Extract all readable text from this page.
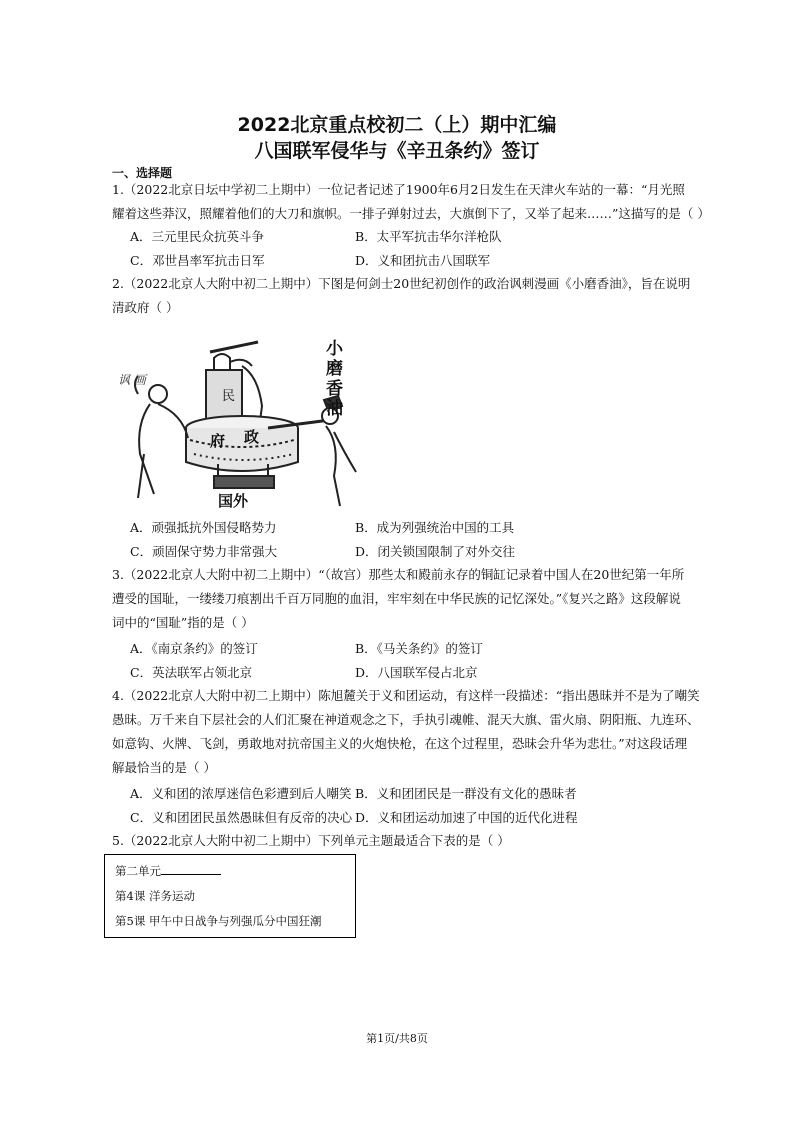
2022北京重点校初二（上）期中汇编
八国联军侵华与《辛丑条约》签订
一、选择题
1.（2022北京日坛中学初二上期中）一位记者记述了1900年6月2日发生在天津火车站的一幕：“月光照
耀着这些莽汉，照耀着他们的大刀和旗帜。一排子弹射过去，大旗倒下了，又举了起来……”这描写的是（ ）
A．三元里民众抗英斗争	B．太平军抗击华尔洋枪队
C．邓世昌率军抗击日军	D．义和团抗击八国联军
2.（2022北京人大附中初二上期中）下图是何剑士20世纪初创作的政治讽刺漫画《小磨香油》，旨在说明
清政府（ ）
民
府 政
国外
讽 画
小
磨
香
油
A．顽强抵抗外国侵略势力	B．成为列强统治中国的工具
C．顽固保守势力非常强大	D．闭关锁国限制了对外交往
3.（2022北京人大附中初二上期中）“（故宫）那些太和殿前永存的铜缸记录着中国人在20世纪第一年所
遭受的国耻，一缕缕刀痕割出千百万同胞的血泪，牢牢刻在中华民族的记忆深处。”《复兴之路》这段解说
词中的“国耻”指的是（ ）
A．《南京条约》的签订	B．《马关条约》的签订
C．英法联军占领北京	D．八国联军侵占北京
4.（2022北京人大附中初二上期中）陈旭麓关于义和团运动，有这样一段描述：“指出愚昧并不是为了嘲笑
愚昧。万千来自下层社会的人们汇聚在神道观念之下，手执引魂帷、混天大旗、雷火扇、阴阳瓶、九连环、
如意钩、火牌、飞剑，勇敢地对抗帝国主义的火炮快枪，在这个过程里，恐昧会升华为悲壮。”对这段话理
解最恰当的是（ ）
A．义和团的浓厚迷信色彩遭到后人嘲笑 B．义和团团民是一群没有文化的愚昧者
C．义和团团民虽然愚昧但有反帝的决心 D．义和团运动加速了中国的近代化进程
5.（2022北京人大附中初二上期中）下列单元主题最适合下表的是（ ）
第二单元
第4课 洋务运动
第5课 甲午中日战争与列强瓜分中国狂潮
第1页/共8页
